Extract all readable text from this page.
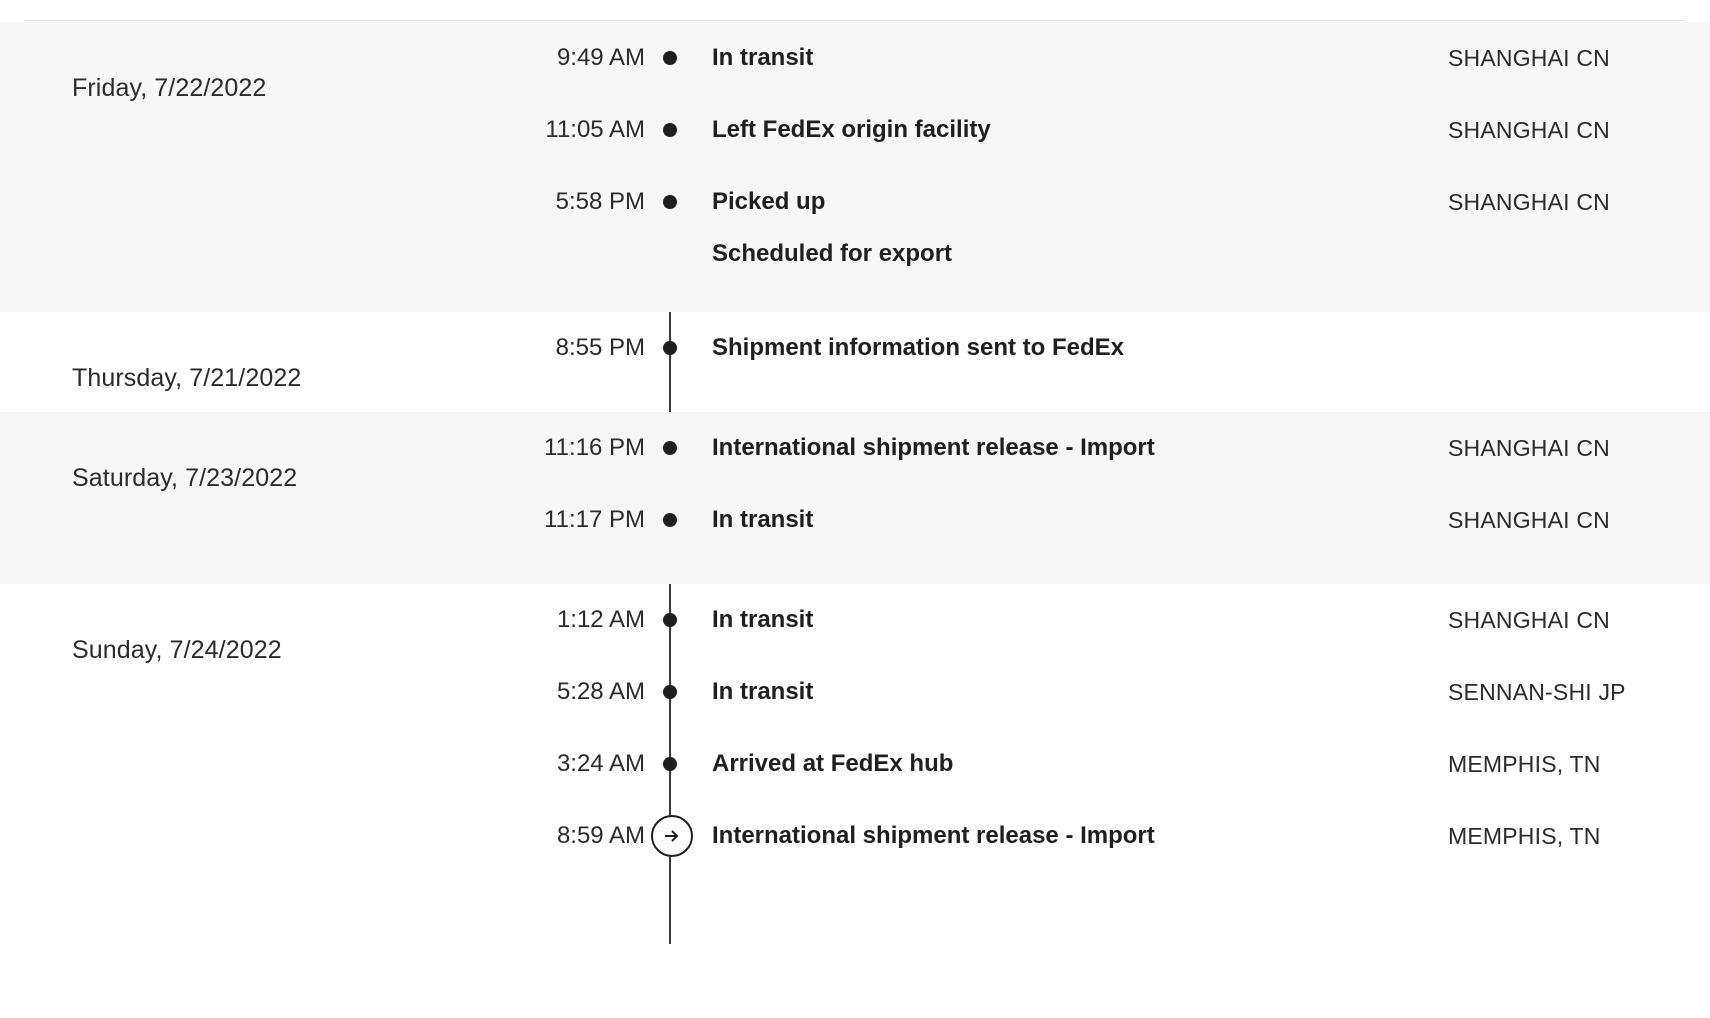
Friday, 7/22/2022
9:49 AM	In transit	SHANGHAI CN
11:05 AM	Left FedEx origin facility	SHANGHAI CN
5:58 PM	Picked up	SHANGHAI CN
Scheduled for export
Thursday, 7/21/2022
8:55 PM	Shipment information sent to FedEx
Saturday, 7/23/2022
11:16 PM	International shipment release - Import	SHANGHAI CN
11:17 PM	In transit	SHANGHAI CN
Sunday, 7/24/2022
1:12 AM	In transit	SHANGHAI CN
5:28 AM	In transit	SENNAN-SHI JP
3:24 AM	Arrived at FedEx hub	MEMPHIS, TN
8:59 AM	International shipment release - Import	MEMPHIS, TN
